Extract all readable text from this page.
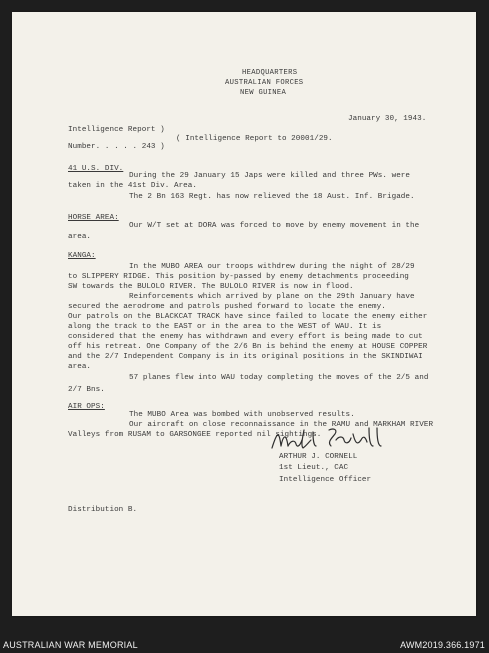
HEADQUARTERS
AUSTRALIAN FORCES
NEW GUINEA
January 30, 1943.
Intelligence Report )
Number. . . . . 243 )
( Intelligence Report to 20001/29.
41 U.S. DIV.
During the 29 January 15 Japs were killed and three PWs. were
taken in the 41st Div. Area.
The 2 Bn 163 Regt. has now relieved the 18 Aust. Inf. Brigade.
HORSE AREA:
Our W/T set at DORA was forced to move by enemy movement in the
area.
KANGA:
In the MUBO AREA our troops withdrew during the night of 28/29
to SLIPPERY RIDGE. This position by-passed by enemy detachments proceeding
SW towards the BULOLO RIVER. The BULOLO RIVER is now in flood.
Reinforcements which arrived by plane on the 29th January have
secured the aerodrome and patrols pushed forward to locate the enemy.
Our patrols on the BLACKCAT TRACK have since failed to locate the enemy either
along the track to the EAST or in the area to the WEST of WAU. It is
considered that the enemy has withdrawn and every effort is being made to cut
off his retreat. One Company of the 2/6 Bn is behind the enemy at HOUSE COPPER
and the 2/7 Independent Company is in its original positions in the SKINDIWAI
area.
57 planes flew into WAU today completing the moves of the 2/5 and
2/7 Bns.
AIR OPS:
The MUBO Area was bombed with unobserved results.
Our aircraft on close reconnaissance in the RAMU and MARKHAM RIVER
Valleys from RUSAM to GARSONGEE reported nil sightings.
Arthur J. Cornell ARTHUR J. CORNELL
1st Lieut., CAC
Intelligence Officer
Distribution B.
AUSTRALIAN WAR MEMORIAL	AWM2019.366.1971
